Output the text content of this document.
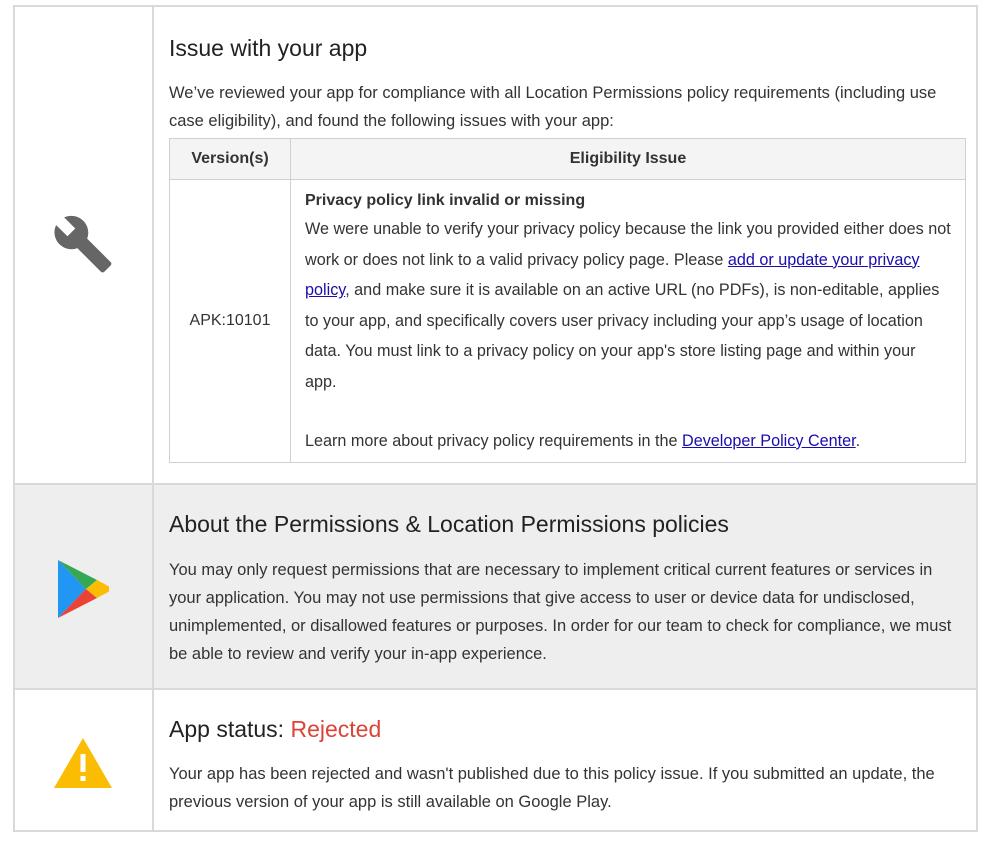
Issue with your app

We’ve reviewed your app for compliance with all Location Permissions policy requirements (including use case eligibility), and found the following issues with your app:

Version(s)	Eligibility Issue
APK:10101	Privacy policy link invalid or missing
We were unable to verify your privacy policy because the link you provided either does not work or does not link to a valid privacy policy page. Please add or update your privacy policy, and make sure it is available on an active URL (no PDFs), is non-editable, applies to your app, and specifically covers user privacy including your app’s usage of location data. You must link to a privacy policy on your app's store listing page and within your app.
Learn more about privacy policy requirements in the Developer Policy Center.
About the Permissions & Location Permissions policies

You may only request permissions that are necessary to implement critical current features or services in your application. You may not use permissions that give access to user or device data for undisclosed, unimplemented, or disallowed features or purposes. In order for our team to check for compliance, we must be able to review and verify your in-app experience.

App status: Rejected

Your app has been rejected and wasn't published due to this policy issue. If you submitted an update, the previous version of your app is still available on Google Play.
